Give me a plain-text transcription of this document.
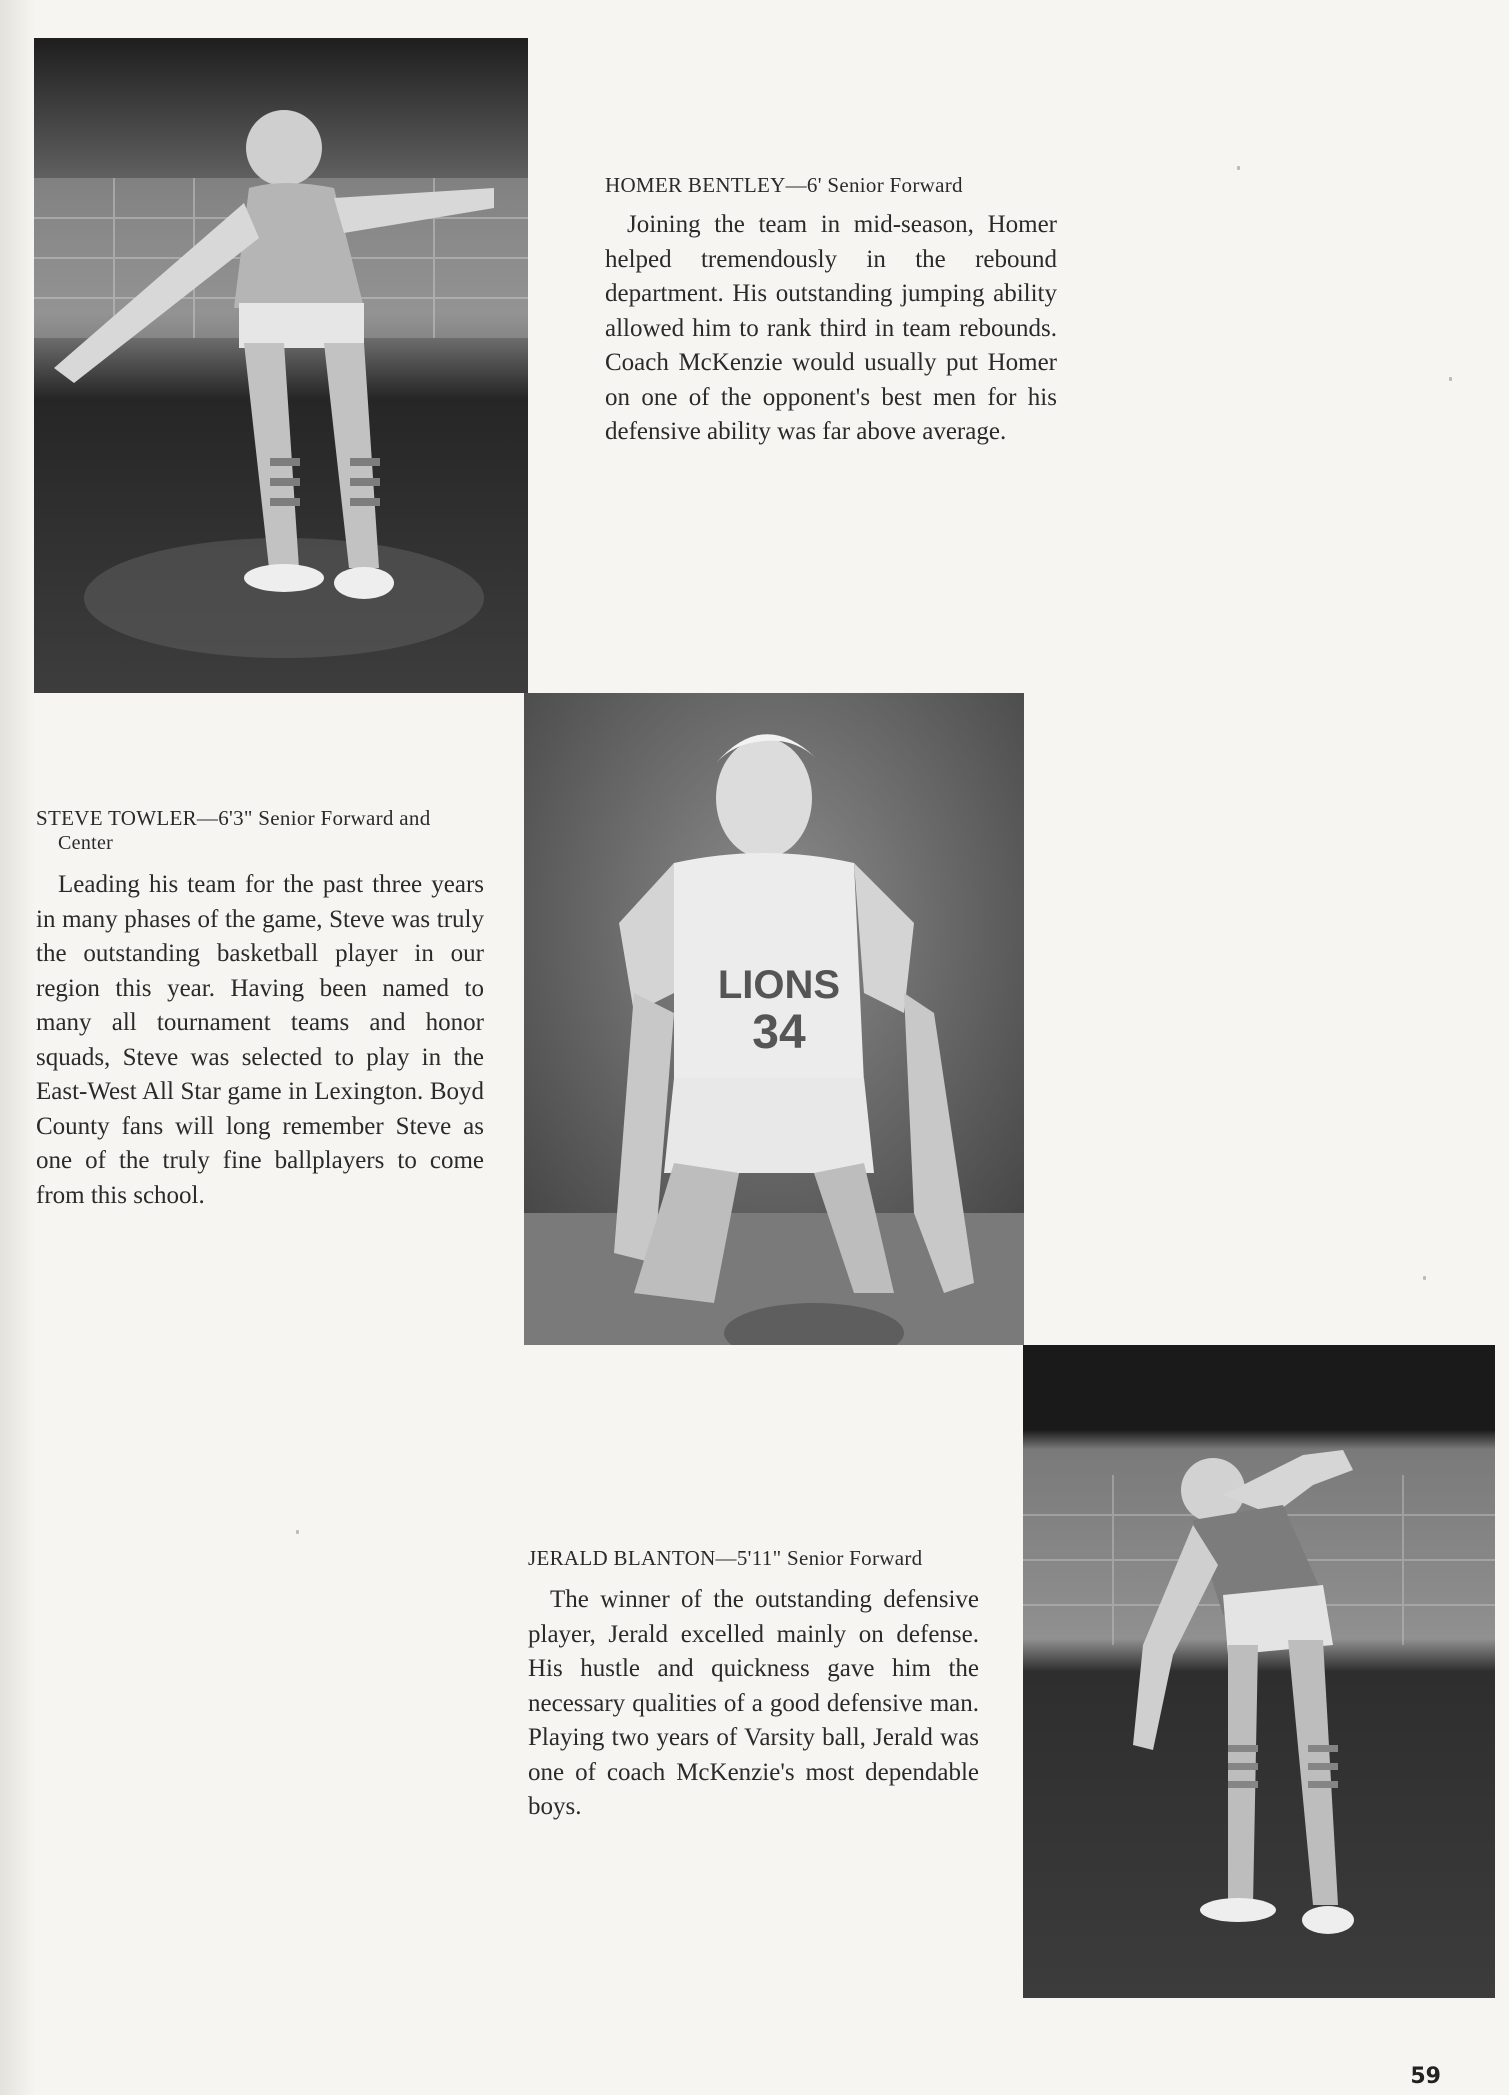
HOMER BENTLEY—6' Senior Forward

Joining the team in mid-season, Homer helped tremendously in the rebound department. His outstanding jumping ability allowed him to rank third in team rebounds. Coach McKenzie would usually put Homer on one of the opponent's best men for his defensive ability was far above average.

LIONS
34
STEVE TOWLER—6'3" Senior Forward and
Center

Leading his team for the past three years in many phases of the game, Steve was truly the outstanding basketball player in our region this year. Having been named to many all tournament teams and honor squads, Steve was selected to play in the East-West All Star game in Lexington. Boyd County fans will long remember Steve as one of the truly fine ballplayers to come from this school.

JERALD BLANTON—5'11" Senior Forward

The winner of the outstanding defensive player, Jerald excelled mainly on defense. His hustle and quickness gave him the necessary qualities of a good defensive man. Playing two years of Varsity ball, Jerald was one of coach McKenzie's most dependable boys.

59
